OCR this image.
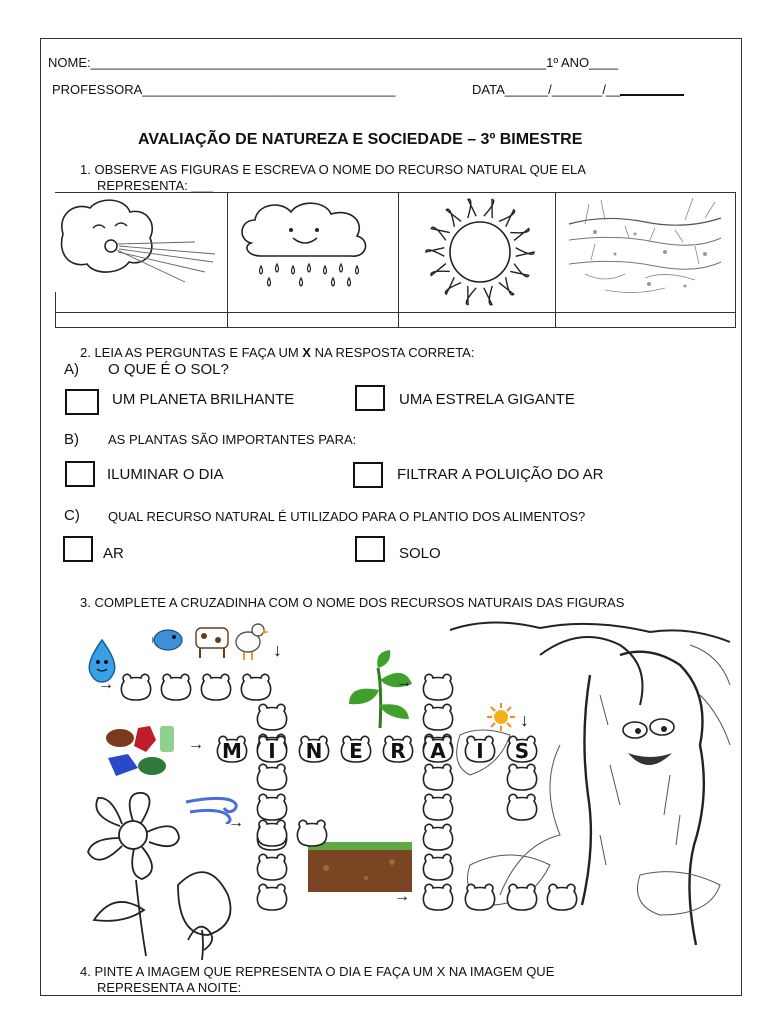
NOME:_______________________________________________________________1º ANO____
PROFESSORA___________________________________	DATA______/_______/__
AVALIAÇÃO DE NATUREZA E SOCIEDADE – 3º BIMESTRE
1. OBSERVE AS FIGURAS E ESCREVA O NOME DO RECURSO NATURAL QUE ELA
REPRESENTA: ___
2. LEIA AS PERGUNTAS E FAÇA UM X NA RESPOSTA CORRETA:
A) O QUE É O SOL?
UM PLANETA BRILHANTE	UMA ESTRELA GIGANTE
B) AS PLANTAS SÃO IMPORTANTES PARA:
ILUMINAR O DIA	FILTRAR A POLUIÇÃO DO AR
C) QUAL RECURSO NATURAL É UTILIZADO PARA O PLANTIO DOS ALIMENTOS?
AR	SOLO
3. COMPLETE A CRUZADINHA COM O NOME DOS RECURSOS NATURAIS DAS FIGURAS
→
↓
→
→
↓
→
→
M	I	N	E	R	A	I	S
4. PINTE A IMAGEM QUE REPRESENTA O DIA E FAÇA UM X NA IMAGEM QUE
REPRESENTA A NOITE:
